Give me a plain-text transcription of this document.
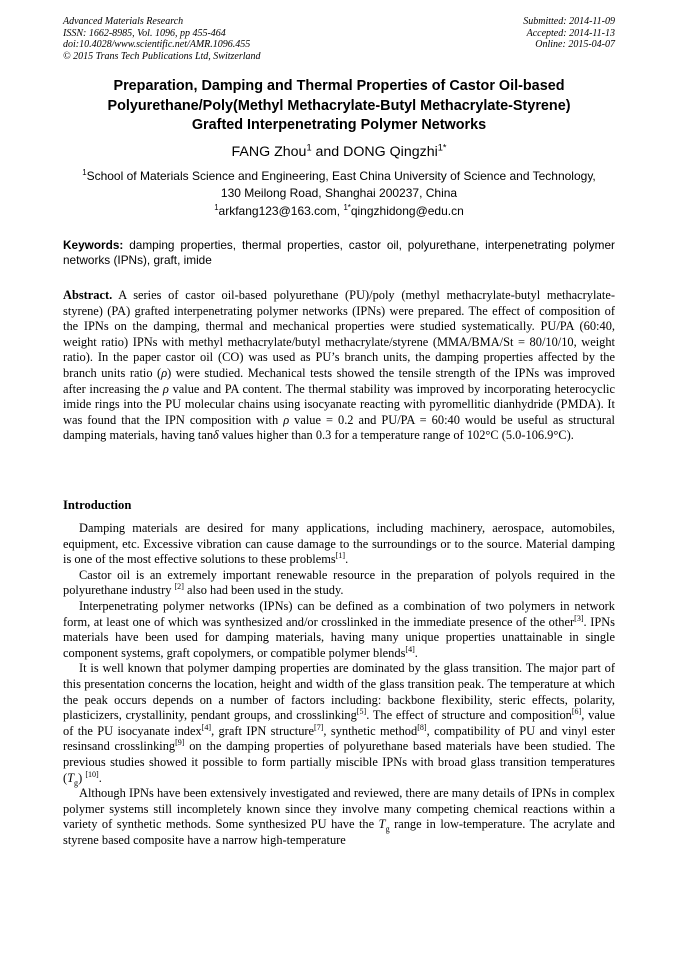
Advanced Materials Research
ISSN: 1662-8985, Vol. 1096, pp 455-464
doi:10.4028/www.scientific.net/AMR.1096.455
© 2015 Trans Tech Publications Ltd, Switzerland
Submitted: 2014-11-09
Accepted: 2014-11-13
Online: 2015-04-07
Preparation, Damping and Thermal Properties of Castor Oil-based
Polyurethane/Poly(Methyl Methacrylate-Butyl Methacrylate-Styrene)
Grafted Interpenetrating Polymer Networks
FANG Zhou$^1$ and DONG Qingzhi$^{1*}$
$^1$School of Materials Science and Engineering, East China University of Science and Technology,
130 Meilong Road, Shanghai 200237, China
$^1$arkfang123@163.com, $^{1*}$qingzhidong@edu.cn
Keywords: damping properties, thermal properties, castor oil, polyurethane, interpenetrating polymer networks (IPNs), graft, imide
Abstract. A series of castor oil-based polyurethane (PU)/poly (methyl methacrylate-butyl methacrylate-styrene) (PA) grafted interpenetrating polymer networks (IPNs) were prepared. The effect of composition of the IPNs on the damping, thermal and mechanical properties were studied systematically. PU/PA (60:40, weight ratio) IPNs with methyl methacrylate/butyl methacrylate/styrene (MMA/BMA/St = 80/10/10, weight ratio). In the paper castor oil (CO) was used as PU’s branch units, the damping properties affected by the branch units ratio (ρ) were studied. Mechanical tests showed the tensile strength of the IPNs was improved after increasing the ρ value and PA content. The thermal stability was improved by incorporating heterocyclic imide rings into the PU molecular chains using isocyanate reacting with pyromellitic dianhydride (PMDA). It was found that the IPN composition with ρ value = 0.2 and PU/PA = 60:40 would be useful as structural damping materials, having tanδ values higher than 0.3 for a temperature range of 102°C (5.0-106.9°C).
Introduction

Damping materials are desired for many applications, including machinery, aerospace, automobiles, equipment, etc. Excessive vibration can cause damage to the surroundings or to the source. Material damping is one of the most effective solutions to these problems[1].

Castor oil is an extremely important renewable resource in the preparation of polyols required in the polyurethane industry [2] also had been used in the study.

Interpenetrating polymer networks (IPNs) can be defined as a combination of two polymers in network form, at least one of which was synthesized and/or crosslinked in the immediate presence of the other[3]. IPNs materials have been used for damping materials, having many unique properties unattainable in single component systems, graft copolymers, or compatible polymer blends[4].

It is well known that polymer damping properties are dominated by the glass transition. The major part of this presentation concerns the location, height and width of the glass transition peak. The temperature at which the peak occurs depends on a number of factors including: backbone flexibility, steric effects, polarity, plasticizers, crystallinity, pendant groups, and crosslinking[5]. The effect of structure and composition[6], value of the PU isocyanate index[4], graft IPN structure[7], synthetic method[8], compatibility of PU and vinyl ester resinsand crosslinking[9] on the damping properties of polyurethane based materials have been studied. The previous studies showed it possible to form partially miscible IPNs with broad glass transition temperatures $(T_g)$ [10].

Although IPNs have been extensively investigated and reviewed, there are many details of IPNs in complex polymer systems still incompletely known since they involve many competing chemical reactions within a variety of synthetic methods. Some synthesized PU have the $T_g$ range in low-temperature. The acrylate and styrene based composite have a narrow high-temperature
